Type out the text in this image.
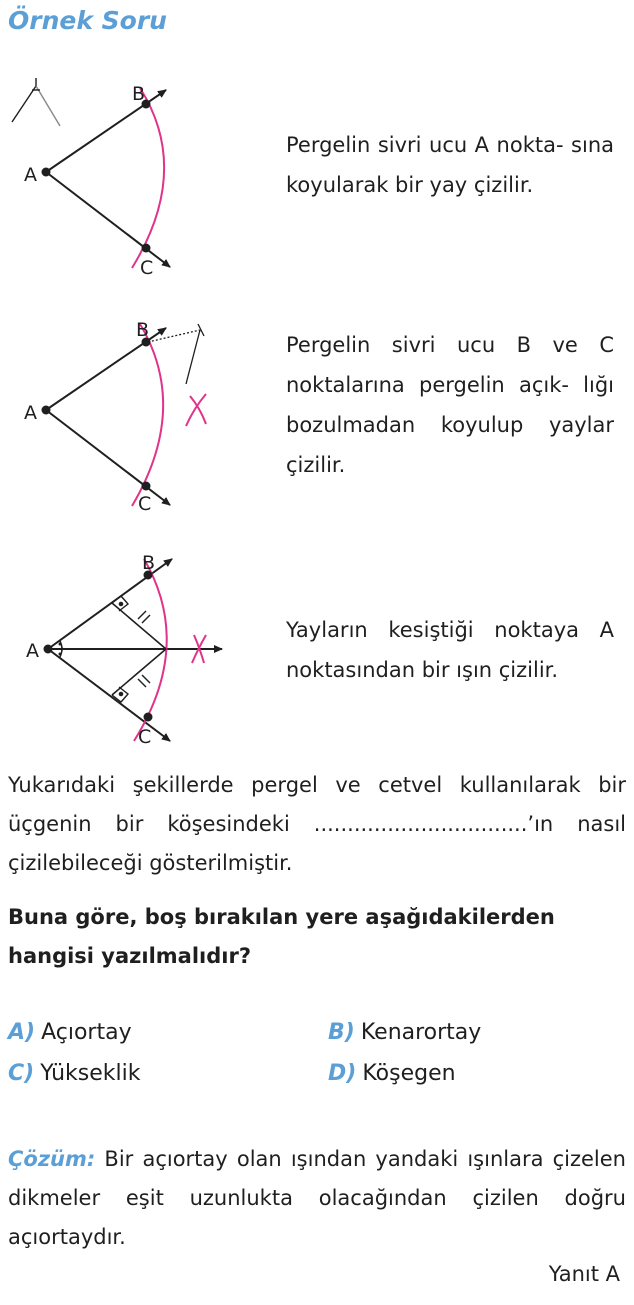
Örnek Soru
A
B
C
Pergelin sivri ucu A nokta- sına koyularak bir yay çizilir.
A
B
C
Pergelin sivri ucu B ve C noktalarına pergelin açık- lığı bozulmadan koyulup yaylar çizilir.
A
B
C
Yayların kesiştiği noktaya A noktasından bir ışın çizilir.
Yukarıdaki şekillerde pergel ve cetvel kullanılarak bir üçgenin bir köşesindeki ................................’ın nasıl çizilebileceği gösterilmiştir.
Buna göre, boş bırakılan yere aşağıdakilerden hangisi yazılmalıdır?
A) Açıortay	B) Kenarortay
C) Yükseklik	D) Köşegen
Çözüm: Bir açıortay olan ışından yandaki ışınlara çizelen dikmeler eşit uzunlukta olacağından çizilen doğru açıortaydır.
Yanıt A
